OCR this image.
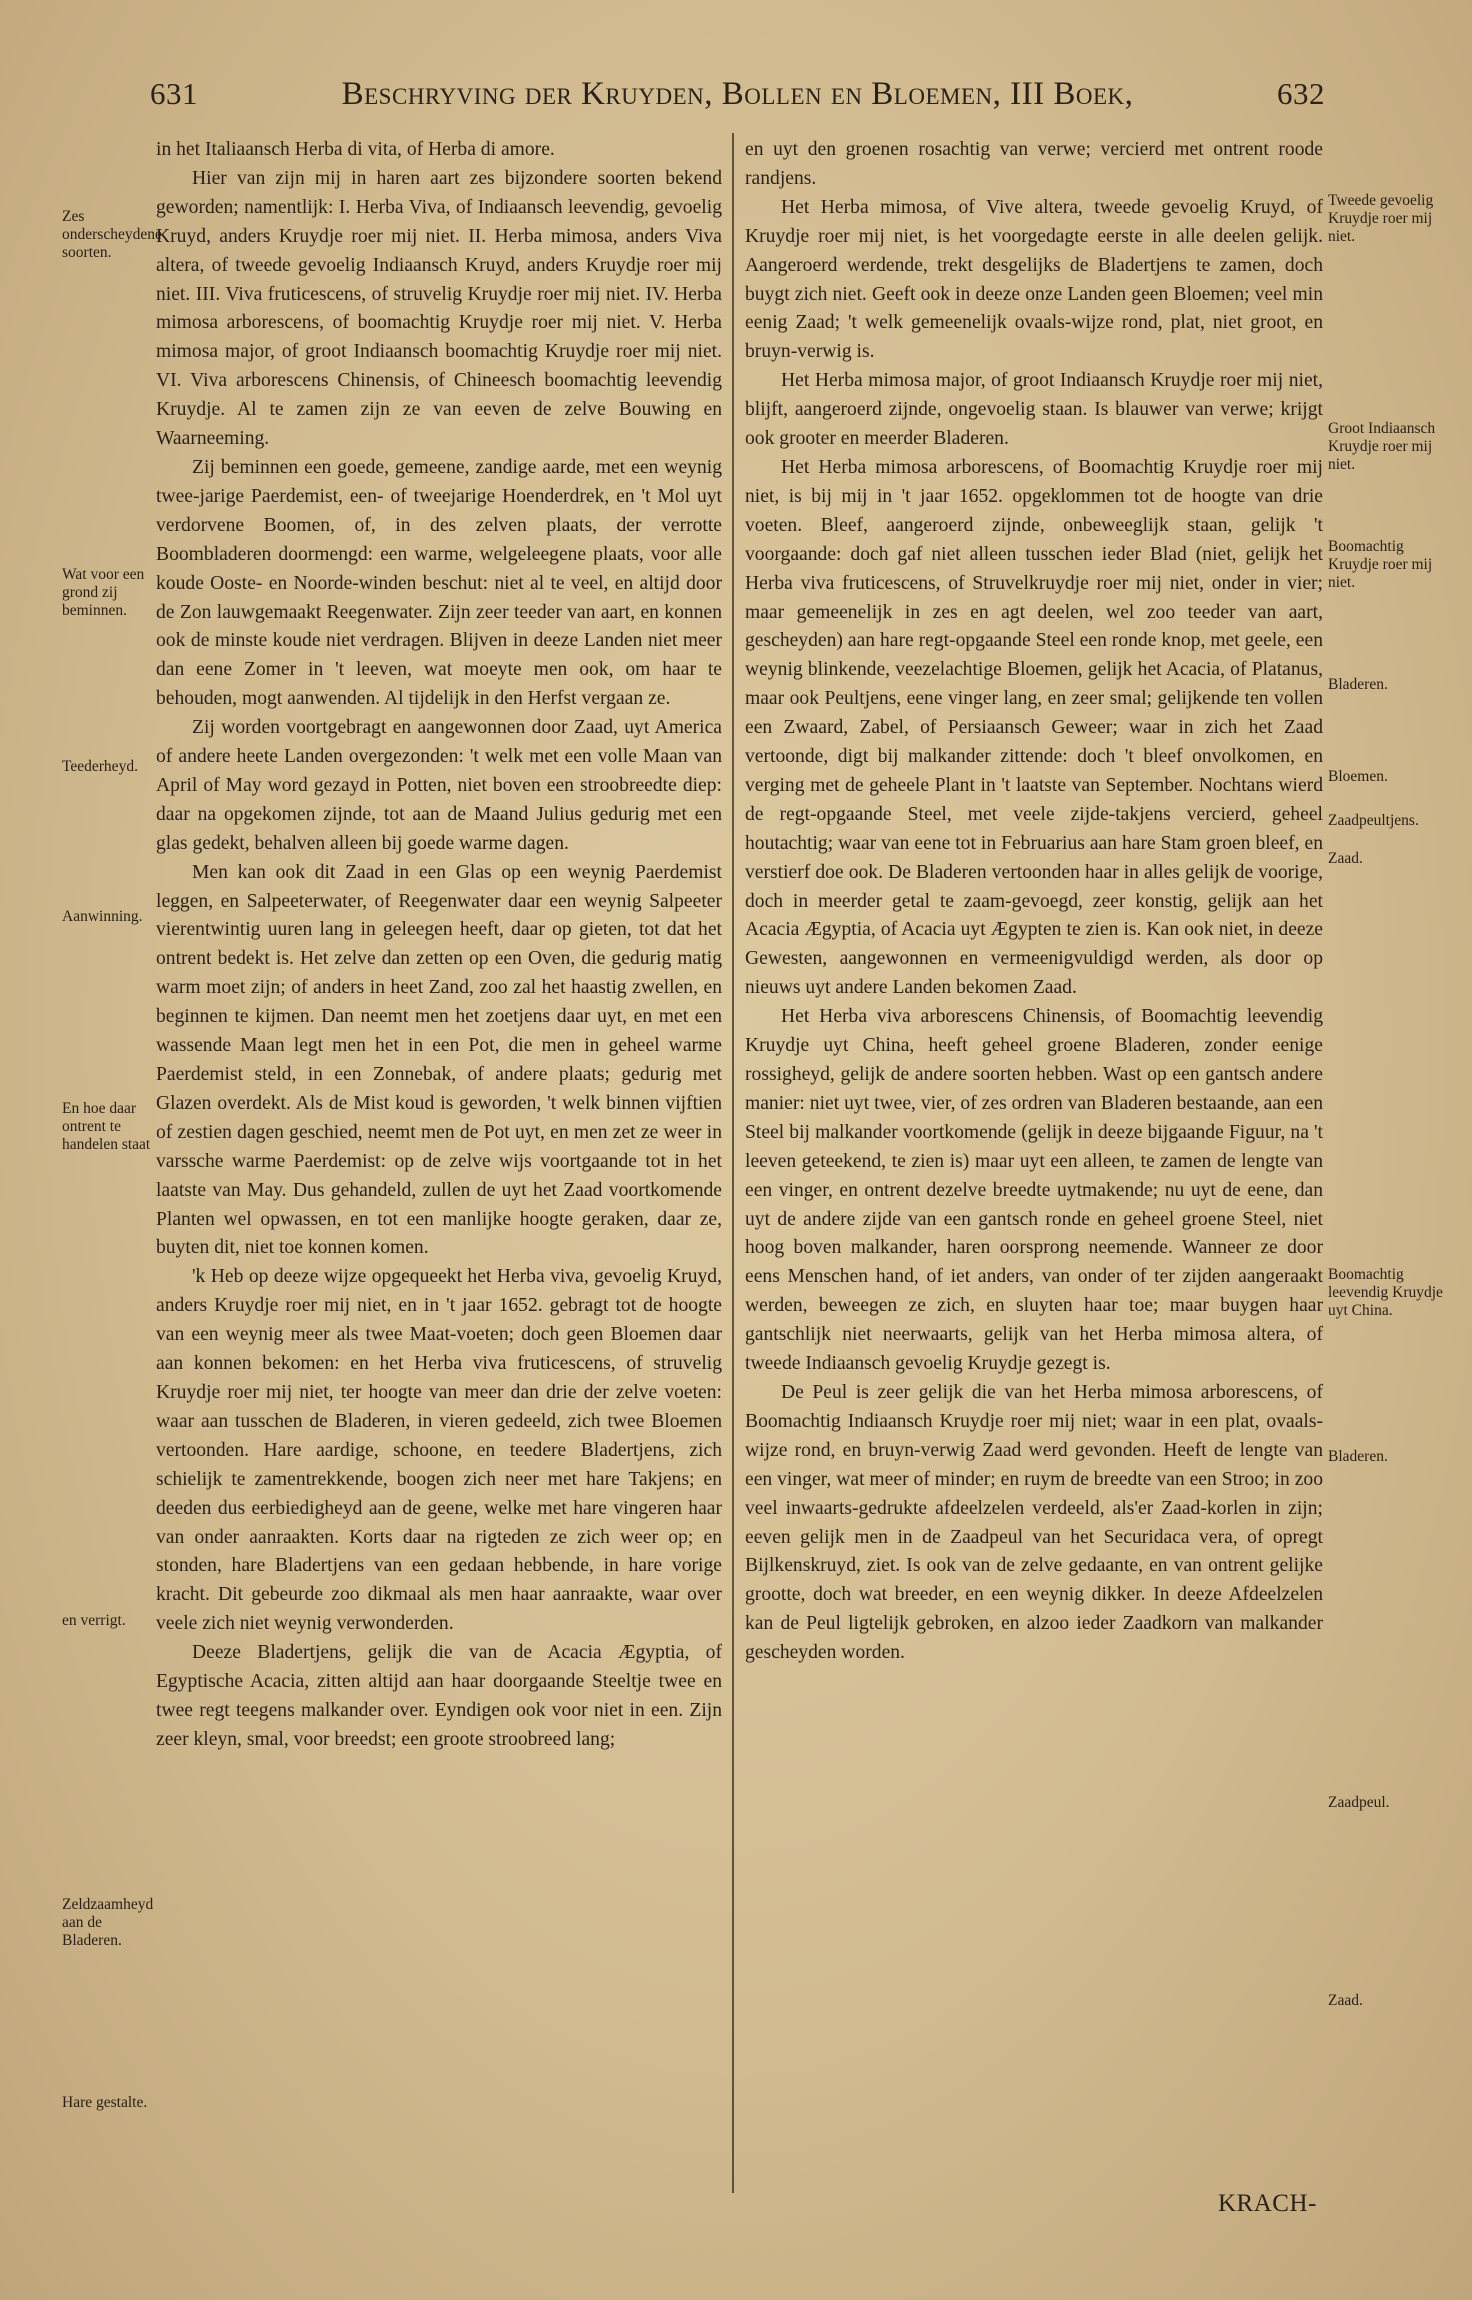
631	Beschryving der Kruyden, Bollen en Bloemen, III Boek,	632

in het Italiaansch Herba di vita, of Herba di amore.

Hier van zijn mij in haren aart zes bijzondere soorten bekend geworden; namentlijk: I. Herba Viva, of Indiaansch leevendig, gevoelig Kruyd, anders Kruydje roer mij niet. II. Herba mimosa, anders Viva altera, of tweede gevoelig Indiaansch Kruyd, anders Kruydje roer mij niet. III. Viva fruticescens, of struvelig Kruydje roer mij niet. IV. Herba mimosa arborescens, of boomachtig Kruydje roer mij niet. V. Herba mimosa major, of groot Indiaansch boomachtig Kruydje roer mij niet. VI. Viva arborescens Chinensis, of Chineesch boomachtig leevendig Kruydje. Al te zamen zijn ze van eeven de zelve Bouwing en Waarneeming.

Zij beminnen een goede, gemeene, zandige aarde, met een weynig twee-jarige Paerdemist, een- of tweejarige Hoenderdrek, en 't Mol uyt verdorvene Boomen, of, in des zelven plaats, der verrotte Boombladeren doormengd: een warme, welgeleegene plaats, voor alle koude Ooste- en Noorde-winden beschut: niet al te veel, en altijd door de Zon lauwgemaakt Reegenwater. Zijn zeer teeder van aart, en konnen ook de minste koude niet verdragen. Blijven in deeze Landen niet meer dan eene Zomer in 't leeven, wat moeyte men ook, om haar te behouden, mogt aanwenden. Al tijdelijk in den Herfst vergaan ze.

Zij worden voortgebragt en aangewonnen door Zaad, uyt America of andere heete Landen overgezonden: 't welk met een volle Maan van April of May word gezayd in Potten, niet boven een stroobreedte diep: daar na opgekomen zijnde, tot aan de Maand Julius gedurig met een glas gedekt, behalven alleen bij goede warme dagen.

Men kan ook dit Zaad in een Glas op een weynig Paerdemist leggen, en Salpeeterwater, of Reegenwater daar een weynig Salpeeter vierentwintig uuren lang in geleegen heeft, daar op gieten, tot dat het ontrent bedekt is. Het zelve dan zetten op een Oven, die gedurig matig warm moet zijn; of anders in heet Zand, zoo zal het haastig zwellen, en beginnen te kijmen. Dan neemt men het zoetjens daar uyt, en met een wassende Maan legt men het in een Pot, die men in geheel warme Paerdemist steld, in een Zonnebak, of andere plaats; gedurig met Glazen overdekt. Als de Mist koud is geworden, 't welk binnen vijftien of zestien dagen geschied, neemt men de Pot uyt, en men zet ze weer in varssche warme Paerdemist: op de zelve wijs voortgaande tot in het laatste van May. Dus gehandeld, zullen de uyt het Zaad voortkomende Planten wel opwassen, en tot een manlijke hoogte geraken, daar ze, buyten dit, niet toe konnen komen.

'k Heb op deeze wijze opgequeekt het Herba viva, gevoelig Kruyd, anders Kruydje roer mij niet, en in 't jaar 1652. gebragt tot de hoogte van een weynig meer als twee Maat-voeten; doch geen Bloemen daar aan konnen bekomen: en het Herba viva fruticescens, of struvelig Kruydje roer mij niet, ter hoogte van meer dan drie der zelve voeten: waar aan tusschen de Bladeren, in vieren gedeeld, zich twee Bloemen vertoonden. Hare aardige, schoone, en teedere Bladertjens, zich schielijk te zamentrekkende, boogen zich neer met hare Takjens; en deeden dus eerbiedigheyd aan de geene, welke met hare vingeren haar van onder aanraakten. Korts daar na rigteden ze zich weer op; en stonden, hare Bladertjens van een gedaan hebbende, in hare vorige kracht. Dit gebeurde zoo dikmaal als men haar aanraakte, waar over veele zich niet weynig verwonderden.

Deeze Bladertjens, gelijk die van de Acacia Ægyptia, of Egyptische Acacia, zitten altijd aan haar doorgaande Steeltje twee en twee regt teegens malkander over. Eyndigen ook voor niet in een. Zijn zeer kleyn, smal, voor breedst; een groote stroobreed lang;

en uyt den groenen rosachtig van verwe; vercierd met ontrent roode randjens.

Het Herba mimosa, of Vive altera, tweede gevoelig Kruyd, of Kruydje roer mij niet, is het voorgedagte eerste in alle deelen gelijk. Aangeroerd werdende, trekt desgelijks de Bladertjens te zamen, doch buygt zich niet. Geeft ook in deeze onze Landen geen Bloemen; veel min eenig Zaad; 't welk gemeenelijk ovaals-wijze rond, plat, niet groot, en bruyn-verwig is.

Het Herba mimosa major, of groot Indiaansch Kruydje roer mij niet, blijft, aangeroerd zijnde, ongevoelig staan. Is blauwer van verwe; krijgt ook grooter en meerder Bladeren.

Het Herba mimosa arborescens, of Boomachtig Kruydje roer mij niet, is bij mij in 't jaar 1652. opgeklommen tot de hoogte van drie voeten. Bleef, aangeroerd zijnde, onbeweeglijk staan, gelijk 't voorgaande: doch gaf niet alleen tusschen ieder Blad (niet, gelijk het Herba viva fruticescens, of Struvelkruydje roer mij niet, onder in vier; maar gemeenelijk in zes en agt deelen, wel zoo teeder van aart, gescheyden) aan hare regt-opgaande Steel een ronde knop, met geele, een weynig blinkende, veezelachtige Bloemen, gelijk het Acacia, of Platanus, maar ook Peultjens, eene vinger lang, en zeer smal; gelijkende ten vollen een Zwaard, Zabel, of Persiaansch Geweer; waar in zich het Zaad vertoonde, digt bij malkander zittende: doch 't bleef onvolkomen, en verging met de geheele Plant in 't laatste van September. Nochtans wierd de regt-opgaande Steel, met veele zijde-takjens vercierd, geheel houtachtig; waar van eene tot in Februarius aan hare Stam groen bleef, en verstierf doe ook. De Bladeren vertoonden haar in alles gelijk de voorige, doch in meerder getal te zaam-gevoegd, zeer konstig, gelijk aan het Acacia Ægyptia, of Acacia uyt Ægypten te zien is. Kan ook niet, in deeze Gewesten, aangewonnen en vermeenigvuldigd werden, als door op nieuws uyt andere Landen bekomen Zaad.

Het Herba viva arborescens Chinensis, of Boomachtig leevendig Kruydje uyt China, heeft geheel groene Bladeren, zonder eenige rossigheyd, gelijk de andere soorten hebben. Wast op een gantsch andere manier: niet uyt twee, vier, of zes ordren van Bladeren bestaande, aan een Steel bij malkander voortkomende (gelijk in deeze bijgaande Figuur, na 't leeven geteekend, te zien is) maar uyt een alleen, te zamen de lengte van een vinger, en ontrent dezelve breedte uytmakende; nu uyt de eene, dan uyt de andere zijde van een gantsch ronde en geheel groene Steel, niet hoog boven malkander, haren oorsprong neemende. Wanneer ze door eens Menschen hand, of iet anders, van onder of ter zijden aangeraakt werden, beweegen ze zich, en sluyten haar toe; maar buygen haar gantschlijk niet neerwaarts, gelijk van het Herba mimosa altera, of tweede Indiaansch gevoelig Kruydje gezegt is.

De Peul is zeer gelijk die van het Herba mimosa arborescens, of Boomachtig Indiaansch Kruydje roer mij niet; waar in een plat, ovaals-wijze rond, en bruyn-verwig Zaad werd gevonden. Heeft de lengte van een vinger, wat meer of minder; en ruym de breedte van een Stroo; in zoo veel inwaarts-gedrukte afdeelzelen verdeeld, als'er Zaad-korlen in zijn; eeven gelijk men in de Zaadpeul van het Securidaca vera, of opregt Bijlkenskruyd, ziet. Is ook van de zelve gedaante, en van ontrent gelijke grootte, doch wat breeder, en een weynig dikker. In deeze Afdeelzelen kan de Peul ligtelijk gebroken, en alzoo ieder Zaadkorn van malkander gescheyden worden.

Zes onderscheydene soorten.
Wat voor een grond zij beminnen.
Teederheyd.
Aanwinning.
En hoe daar ontrent te handelen staat
en verrigt.
Zeldzaamheyd aan de Bladeren.
Hare gestalte.
Tweede gevoelig Kruydje roer mij niet.
Groot Indiaansch Kruydje roer mij niet.
Boomachtig Kruydje roer mij niet.
Bladeren.
Bloemen.
Zaadpeultjens.
Zaad.
Boomachtig leevendig Kruydje uyt China.
Bladeren.
Zaadpeul.
Zaad.
KRACH-
